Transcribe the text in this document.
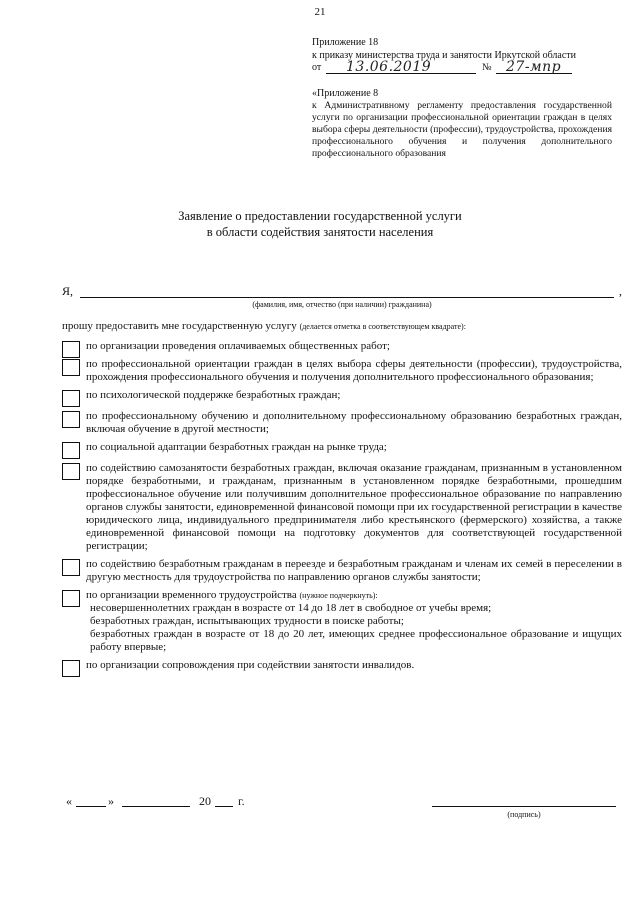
21
Приложение 18
к приказу министерства труда и занятости Иркутской области
от 13.06.2019	№ 27-мпр
«Приложение 8
к Административному регламенту предоставления государственной услуги по организации профессиональной ориентации граждан в целях выбора сферы деятельности (профессии), трудоустройства, прохождения профессионального обучения и получения дополнительного профессионального образования
Заявление о предоставлении государственной услуги
в области содействия занятости населения
Я,	,
(фамилия, имя, отчество (при наличии) гражданина)
прошу предоставить мне государственную услугу (делается отметка в соответствующем квадрате):
по организации проведения оплачиваемых общественных работ;
по профессиональной ориентации граждан в целях выбора сферы деятельности (профессии), трудоустройства, прохождения профессионального обучения и получения дополнительного профессионального образования;
по психологической поддержке безработных граждан;
по профессиональному обучению и дополнительному профессиональному образованию безработных граждан, включая обучение в другой местности;
по социальной адаптации безработных граждан на рынке труда;
по содействию самозанятости безработных граждан, включая оказание гражданам, признанным в установленном порядке безработными, и гражданам, признанным в установленном порядке безработными, прошедшим профессиональное обучение или получившим дополнительное профессиональное образование по направлению органов службы занятости, единовременной финансовой помощи при их государственной регистрации в качестве юридического лица, индивидуального предпринимателя либо крестьянского (фермерского) хозяйства, а также единовременной финансовой помощи на подготовку документов для соответствующей государственной регистрации;
по содействию безработным гражданам в переезде и безработным гражданам и членам их семей в переселении в другую местность для трудоустройства по направлению органов службы занятости;
по организации временного трудоустройства (нужное подчеркнуть):
несовершеннолетних граждан в возрасте от 14 до 18 лет в свободное от учебы время;
безработных граждан, испытывающих трудности в поиске работы;
безработных граждан в возрасте от 18 до 20 лет, имеющих среднее профессиональное образование и ищущих работу впервые;
по организации сопровождения при содействии занятости инвалидов.
«	»	20 г.
(подпись)
